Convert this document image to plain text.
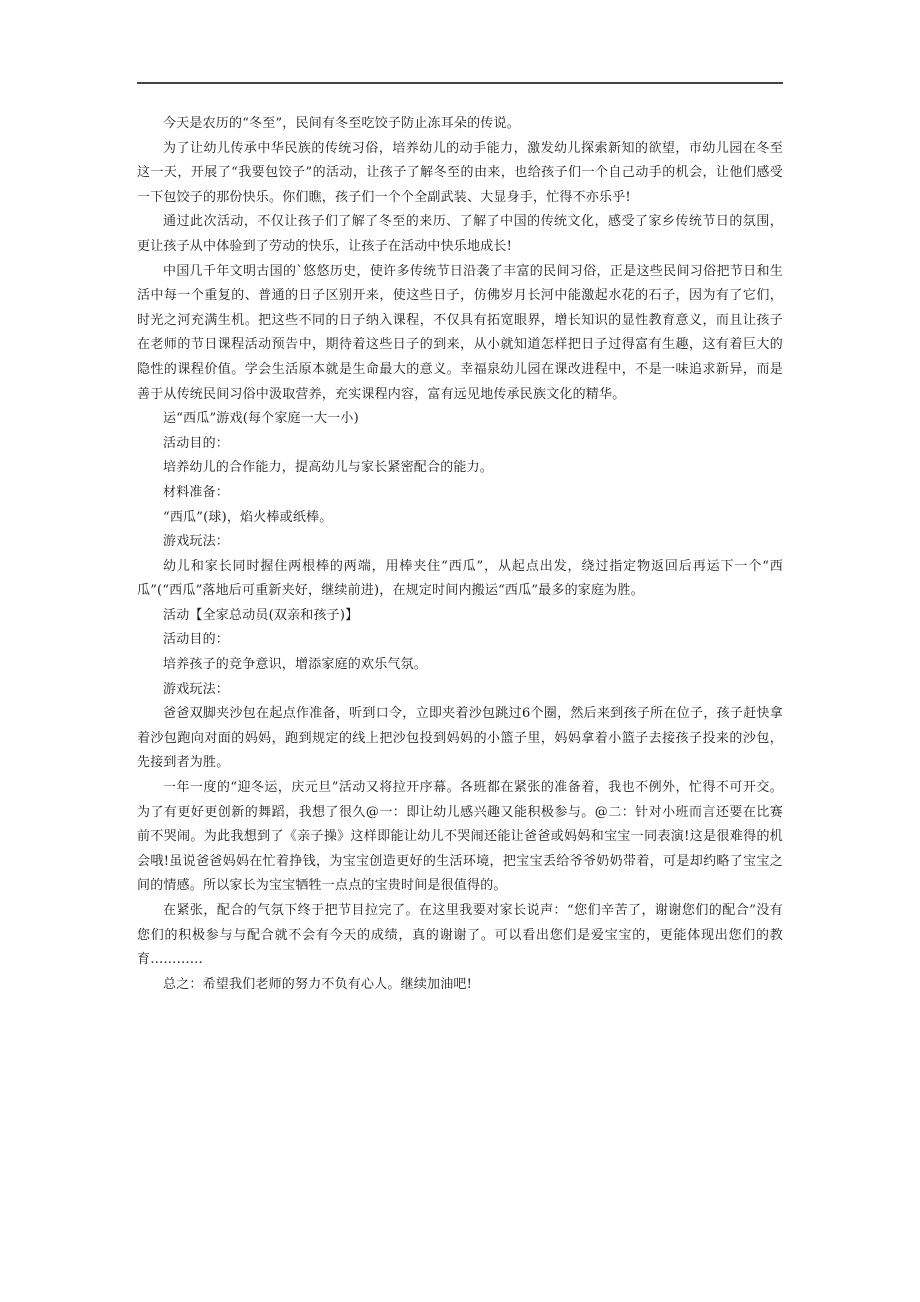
今天是农历的“冬至”，民间有冬至吃饺子防止冻耳朵的传说。

为了让幼儿传承中华民族的传统习俗，培养幼儿的动手能力，激发幼儿探索新知的欲望，市幼儿园在冬至这一天，开展了“我要包饺子”的活动，让孩子了解冬至的由来，也给孩子们一个自己动手的机会，让他们感受一下包饺子的那份快乐。你们瞧，孩子们一个个全副武装、大显身手，忙得不亦乐乎!

通过此次活动，不仅让孩子们了解了冬至的来历、了解了中国的传统文化，感受了家乡传统节日的氛围，更让孩子从中体验到了劳动的快乐，让孩子在活动中快乐地成长!

中国几千年文明古国的`悠悠历史，使许多传统节日沿袭了丰富的民间习俗，正是这些民间习俗把节日和生活中每一个重复的、普通的日子区别开来，使这些日子，仿佛岁月长河中能激起水花的石子，因为有了它们，时光之河充满生机。把这些不同的日子纳入课程，不仅具有拓宽眼界，增长知识的显性教育意义，而且让孩子在老师的节日课程活动预告中，期待着这些日子的到来，从小就知道怎样把日子过得富有生趣，这有着巨大的隐性的课程价值。学会生活原本就是生命最大的意义。幸福泉幼儿园在课改进程中，不是一味追求新异，而是善于从传统民间习俗中汲取营养，充实课程内容，富有远见地传承民族文化的精华。

运“西瓜”游戏(每个家庭一大一小)

活动目的：

培养幼儿的合作能力，提高幼儿与家长紧密配合的能力。

材料准备：

“西瓜”(球)，焰火棒或纸棒。

游戏玩法：

幼儿和家长同时握住两根棒的两端，用棒夹住“西瓜”，从起点出发，绕过指定物返回后再运下一个“西瓜”(“西瓜”落地后可重新夹好，继续前进)，在规定时间内搬运“西瓜”最多的家庭为胜。

活动【全家总动员(双亲和孩子)】

活动目的：

培养孩子的竞争意识，增添家庭的欢乐气氛。

游戏玩法：

爸爸双脚夹沙包在起点作准备，听到口令，立即夹着沙包跳过6个圈，然后来到孩子所在位子，孩子赶快拿着沙包跑向对面的妈妈，跑到规定的线上把沙包投到妈妈的小篮子里，妈妈拿着小篮子去接孩子投来的沙包，先接到者为胜。

一年一度的“迎冬运，庆元旦”活动又将拉开序幕。各班都在紧张的准备着，我也不例外，忙得不可开交。为了有更好更创新的舞蹈，我想了很久@一：即让幼儿感兴趣又能积极参与。@二：针对小班而言还要在比赛前不哭闹。为此我想到了《亲子操》这样即能让幼儿不哭闹还能让爸爸或妈妈和宝宝一同表演!这是很难得的机会哦!虽说爸爸妈妈在忙着挣钱，为宝宝创造更好的生活环境，把宝宝丢给爷爷奶奶带着，可是却约略了宝宝之间的情感。所以家长为宝宝牺牲一点点的宝贵时间是很值得的。

在紧张，配合的气氛下终于把节目拉完了。在这里我要对家长说声：“您们辛苦了，谢谢您们的配合”没有您们的积极参与与配合就不会有今天的成绩，真的谢谢了。可以看出您们是爱宝宝的，更能体现出您们的教育…………

总之：希望我们老师的努力不负有心人。继续加油吧!
